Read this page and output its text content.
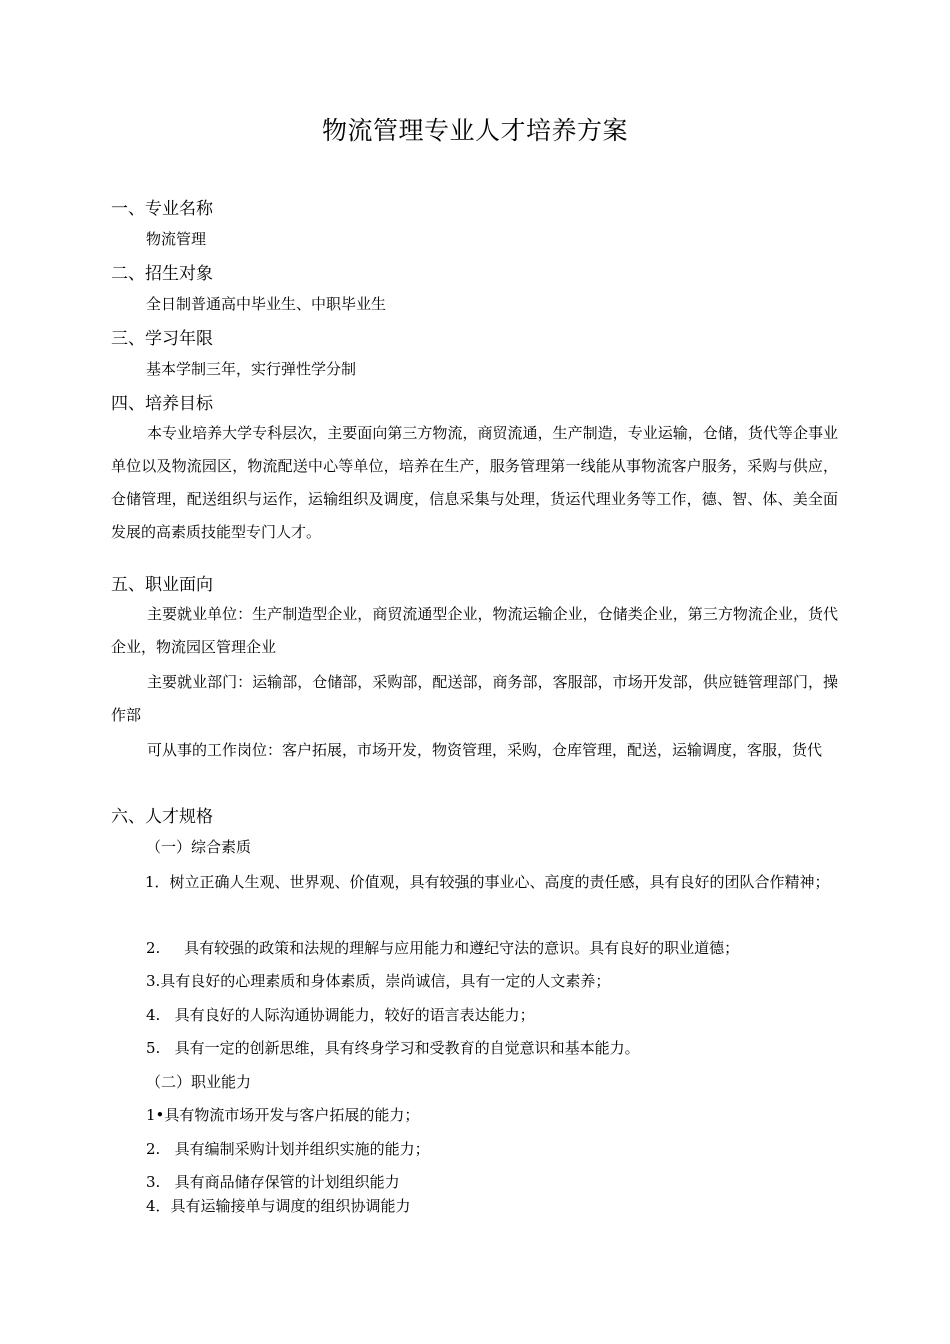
物流管理专业人才培养方案
一、专业名称
物流管理
二、招生对象
全日制普通高中毕业生、中职毕业生
三、学习年限
基本学制三年，实行弹性学分制
四、培养目标
本专业培养大学专科层次，主要面向第三方物流，商贸流通，生产制造，专业运输，仓储，货代等企事业单位以及物流园区，物流配送中心等单位，培养在生产，服务管理第一线能从事物流客户服务，采购与供应，仓储管理，配送组织与运作，运输组织及调度，信息采集与处理，货运代理业务等工作，德、智、体、美全面发展的高素质技能型专门人才。
五、职业面向
主要就业单位：生产制造型企业，商贸流通型企业，物流运输企业，仓储类企业，第三方物流企业，货代企业，物流园区管理企业
主要就业部门：运输部，仓储部，采购部，配送部，商务部，客服部，市场开发部，供应链管理部门，操作部
可从事的工作岗位：客户拓展，市场开发，物资管理，采购，仓库管理，配送，运输调度，客服，货代
六、人才规格
（一）综合素质
1．树立正确人生观、世界观、价值观，具有较强的事业心、高度的责任感，具有良好的团队合作精神；
2.     具有较强的政策和法规的理解与应用能力和遵纪守法的意识。具有良好的职业道德；
3.具有良好的心理素质和身体素质，崇尚诚信，具有一定的人文素养；
4.   具有良好的人际沟通协调能力，较好的语言表达能力；
5.   具有一定的创新思维，具有终身学习和受教育的自觉意识和基本能力。
（二）职业能力
1•具有物流市场开发与客户拓展的能力；
2.   具有编制采购计划并组织实施的能力；
3.   具有商品储存保管的计划组织能力
4．具有运输接单与调度的组织协调能力
